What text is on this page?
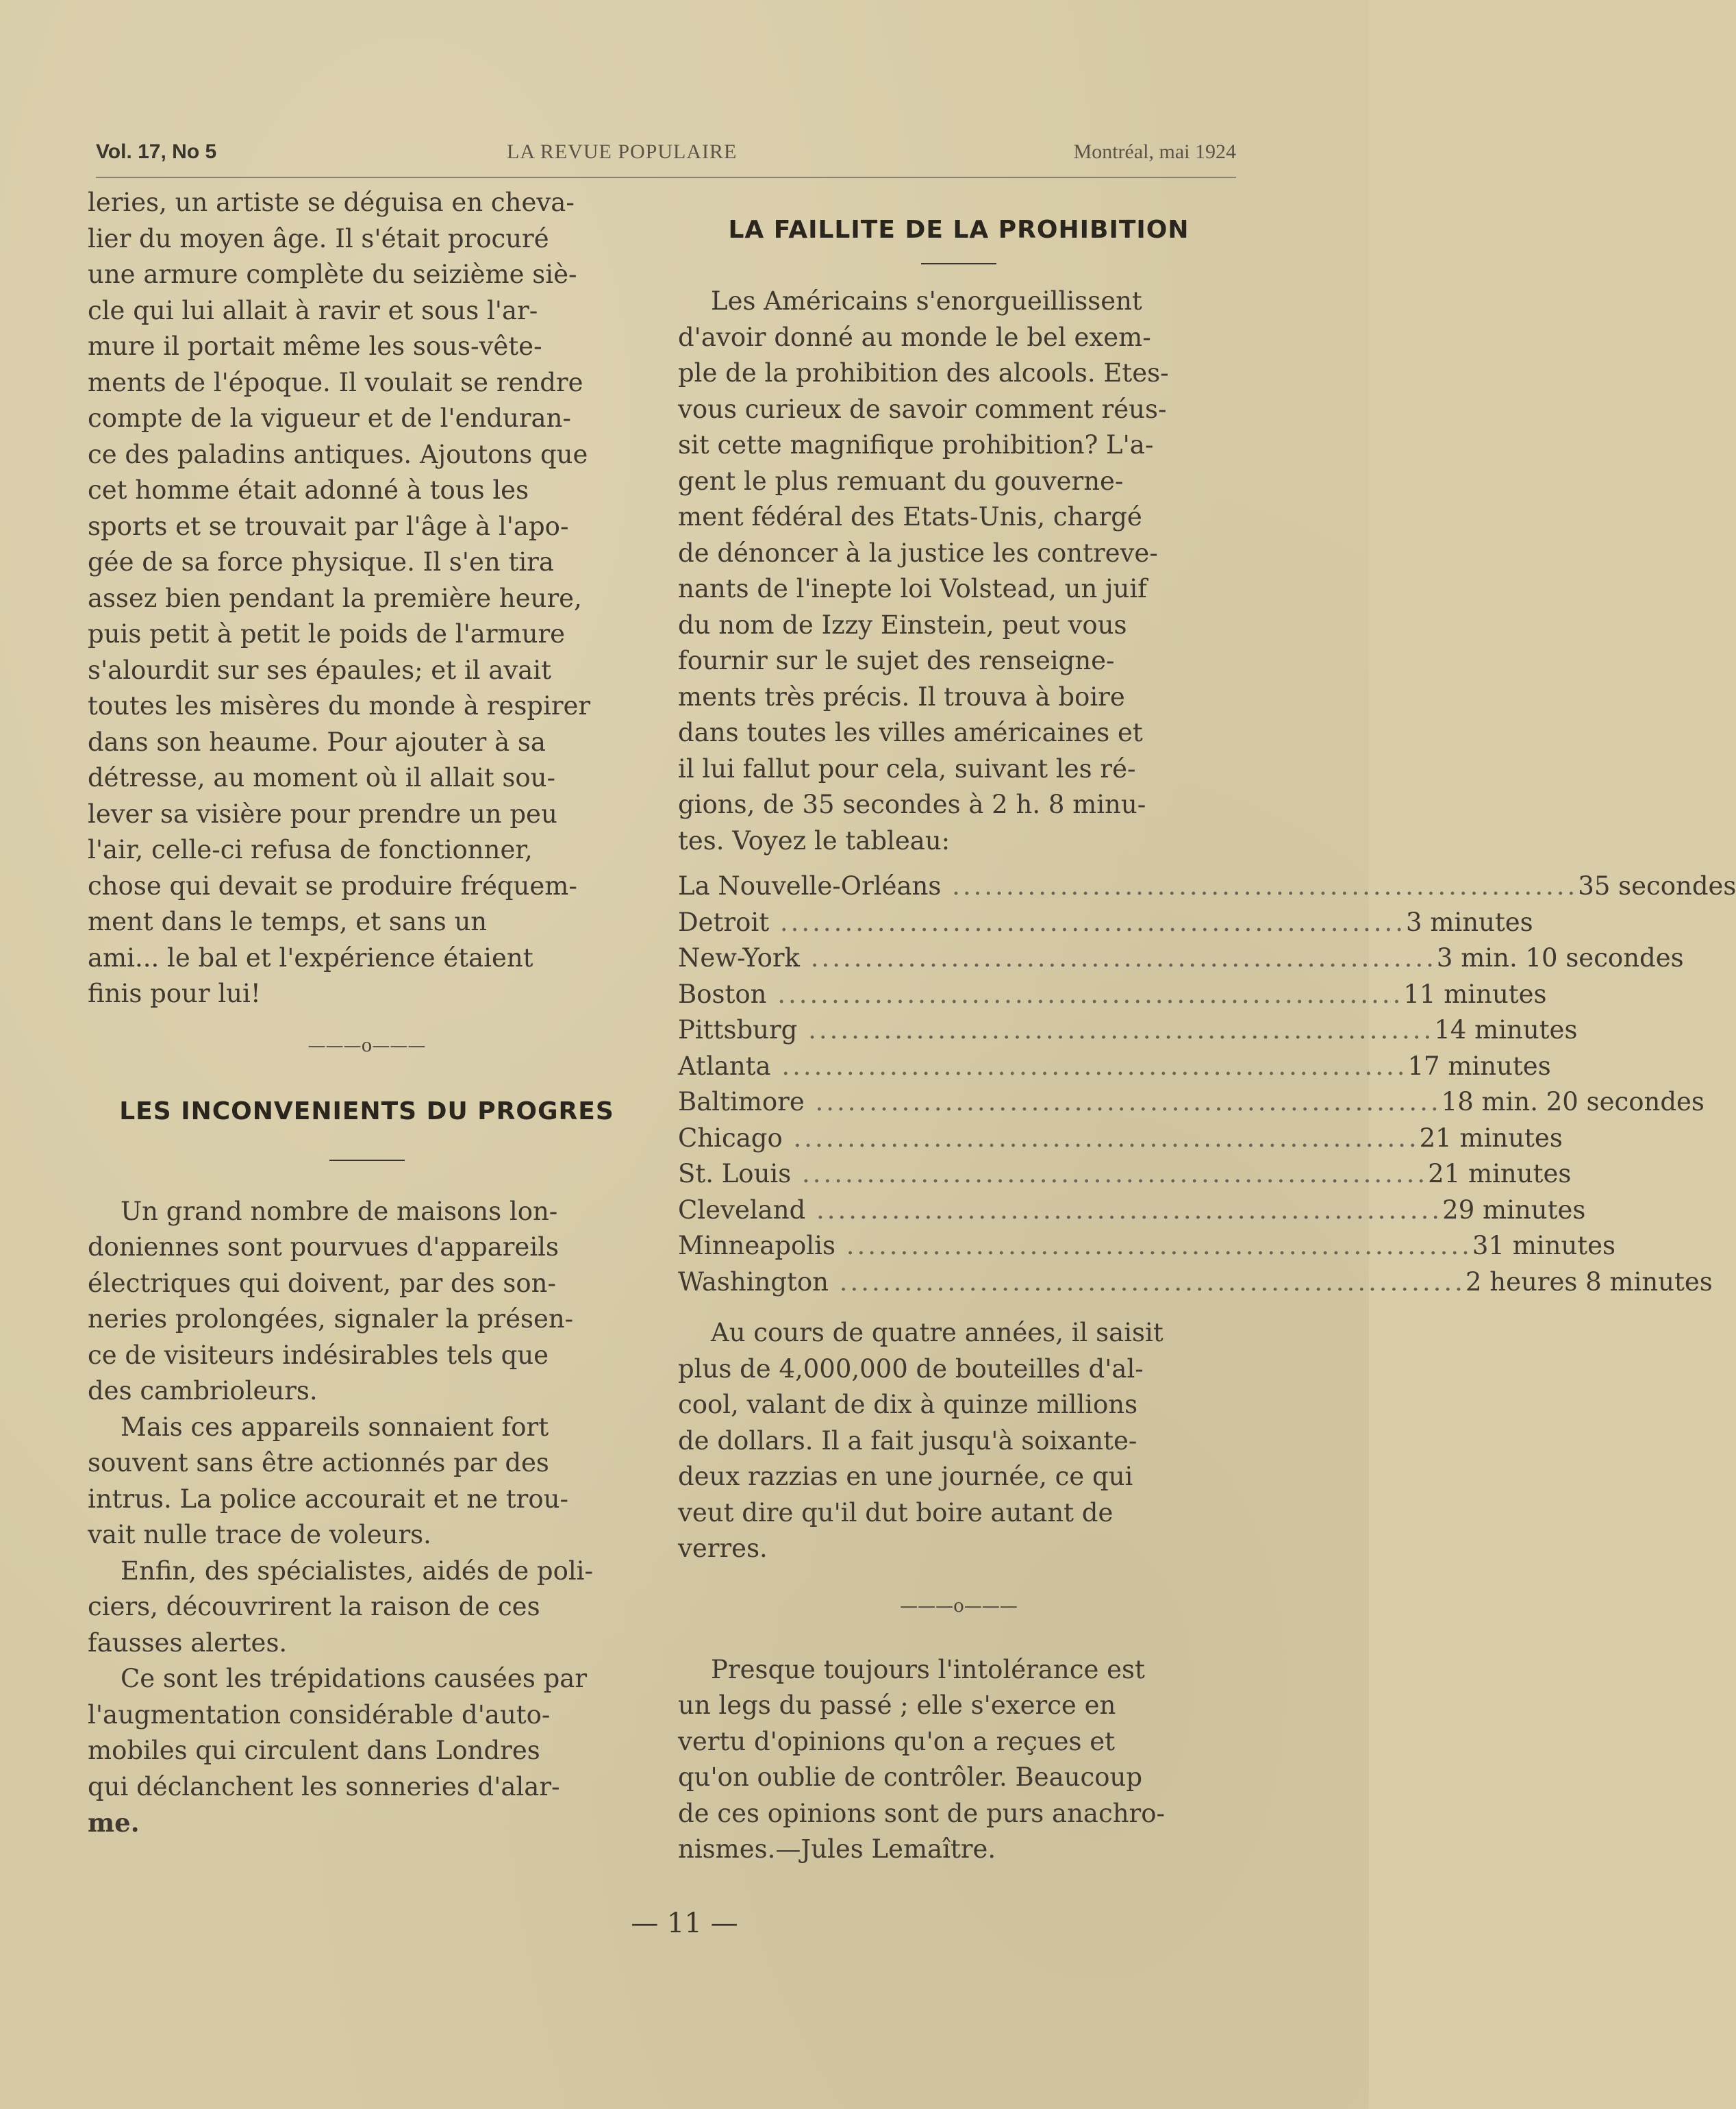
Vol. 17, No 5	LA REVUE POPULAIRE	Montréal, mai 1924

leries, un artiste se déguisa en cheva-

lier du moyen âge. Il s'était procuré

une armure complète du seizième siè-

cle qui lui allait à ravir et sous l'ar-

mure il portait même les sous-vête-

ments de l'époque. Il voulait se rendre

compte de la vigueur et de l'enduran-

ce des paladins antiques. Ajoutons que

cet homme était adonné à tous les

sports et se trouvait par l'âge à l'apo-

gée de sa force physique. Il s'en tira

assez bien pendant la première heure,

puis petit à petit le poids de l'armure

s'alourdit sur ses épaules; et il avait

toutes les misères du monde à respirer

dans son heaume. Pour ajouter à sa

détresse, au moment où il allait sou-

lever sa visière pour prendre un peu

l'air, celle-ci refusa de fonctionner,

chose qui devait se produire fréquem-

ment dans le temps, et sans un

ami... le bal et l'expérience étaient

finis pour lui!

———o———
LES INCONVENIENTS DU PROGRES

Un grand nombre de maisons lon-

doniennes sont pourvues d'appareils

électriques qui doivent, par des son-

neries prolongées, signaler la présen-

ce de visiteurs indésirables tels que

des cambrioleurs.

Mais ces appareils sonnaient fort

souvent sans être actionnés par des

intrus. La police accourait et ne trou-

vait nulle trace de voleurs.

Enfin, des spécialistes, aidés de poli-

ciers, découvrirent la raison de ces

fausses alertes.

Ce sont les trépidations causées par

l'augmentation considérable d'auto-

mobiles qui circulent dans Londres

qui déclanchent les sonneries d'alar-

me.

LA FAILLITE DE LA PROHIBITION

Les Américains s'enorgueillissent

d'avoir donné au monde le bel exem-

ple de la prohibition des alcools. Etes-

vous curieux de savoir comment réus-

sit cette magnifique prohibition? L'a-

gent le plus remuant du gouverne-

ment fédéral des Etats-Unis, chargé

de dénoncer à la justice les contreve-

nants de l'inepte loi Volstead, un juif

du nom de Izzy Einstein, peut vous

fournir sur le sujet des renseigne-

ments très précis. Il trouva à boire

dans toutes les villes américaines et

il lui fallut pour cela, suivant les ré-

gions, de 35 secondes à 2 h. 8 minu-

tes. Voyez le tableau:

La Nouvelle-Orléans .......................................................... 35 secondes
Detroit .......................................................... 3 minutes
New-York .......................................................... 3 min. 10 secondes
Boston .......................................................... 11 minutes
Pittsburg .......................................................... 14 minutes
Atlanta .......................................................... 17 minutes
Baltimore .......................................................... 18 min. 20 secondes
Chicago .......................................................... 21 minutes
St. Louis .......................................................... 21 minutes
Cleveland .......................................................... 29 minutes
Minneapolis .......................................................... 31 minutes
Washington .......................................................... 2 heures 8 minutes

Au cours de quatre années, il saisit

plus de 4,000,000 de bouteilles d'al-

cool, valant de dix à quinze millions

de dollars. Il a fait jusqu'à soixante-

deux razzias en une journée, ce qui

veut dire qu'il dut boire autant de

verres.

———o———

Presque toujours l'intolérance est

un legs du passé ; elle s'exerce en

vertu d'opinions qu'on a reçues et

qu'on oublie de contrôler. Beaucoup

de ces opinions sont de purs anachro-

nismes.—Jules Lemaître.

— 11 —
